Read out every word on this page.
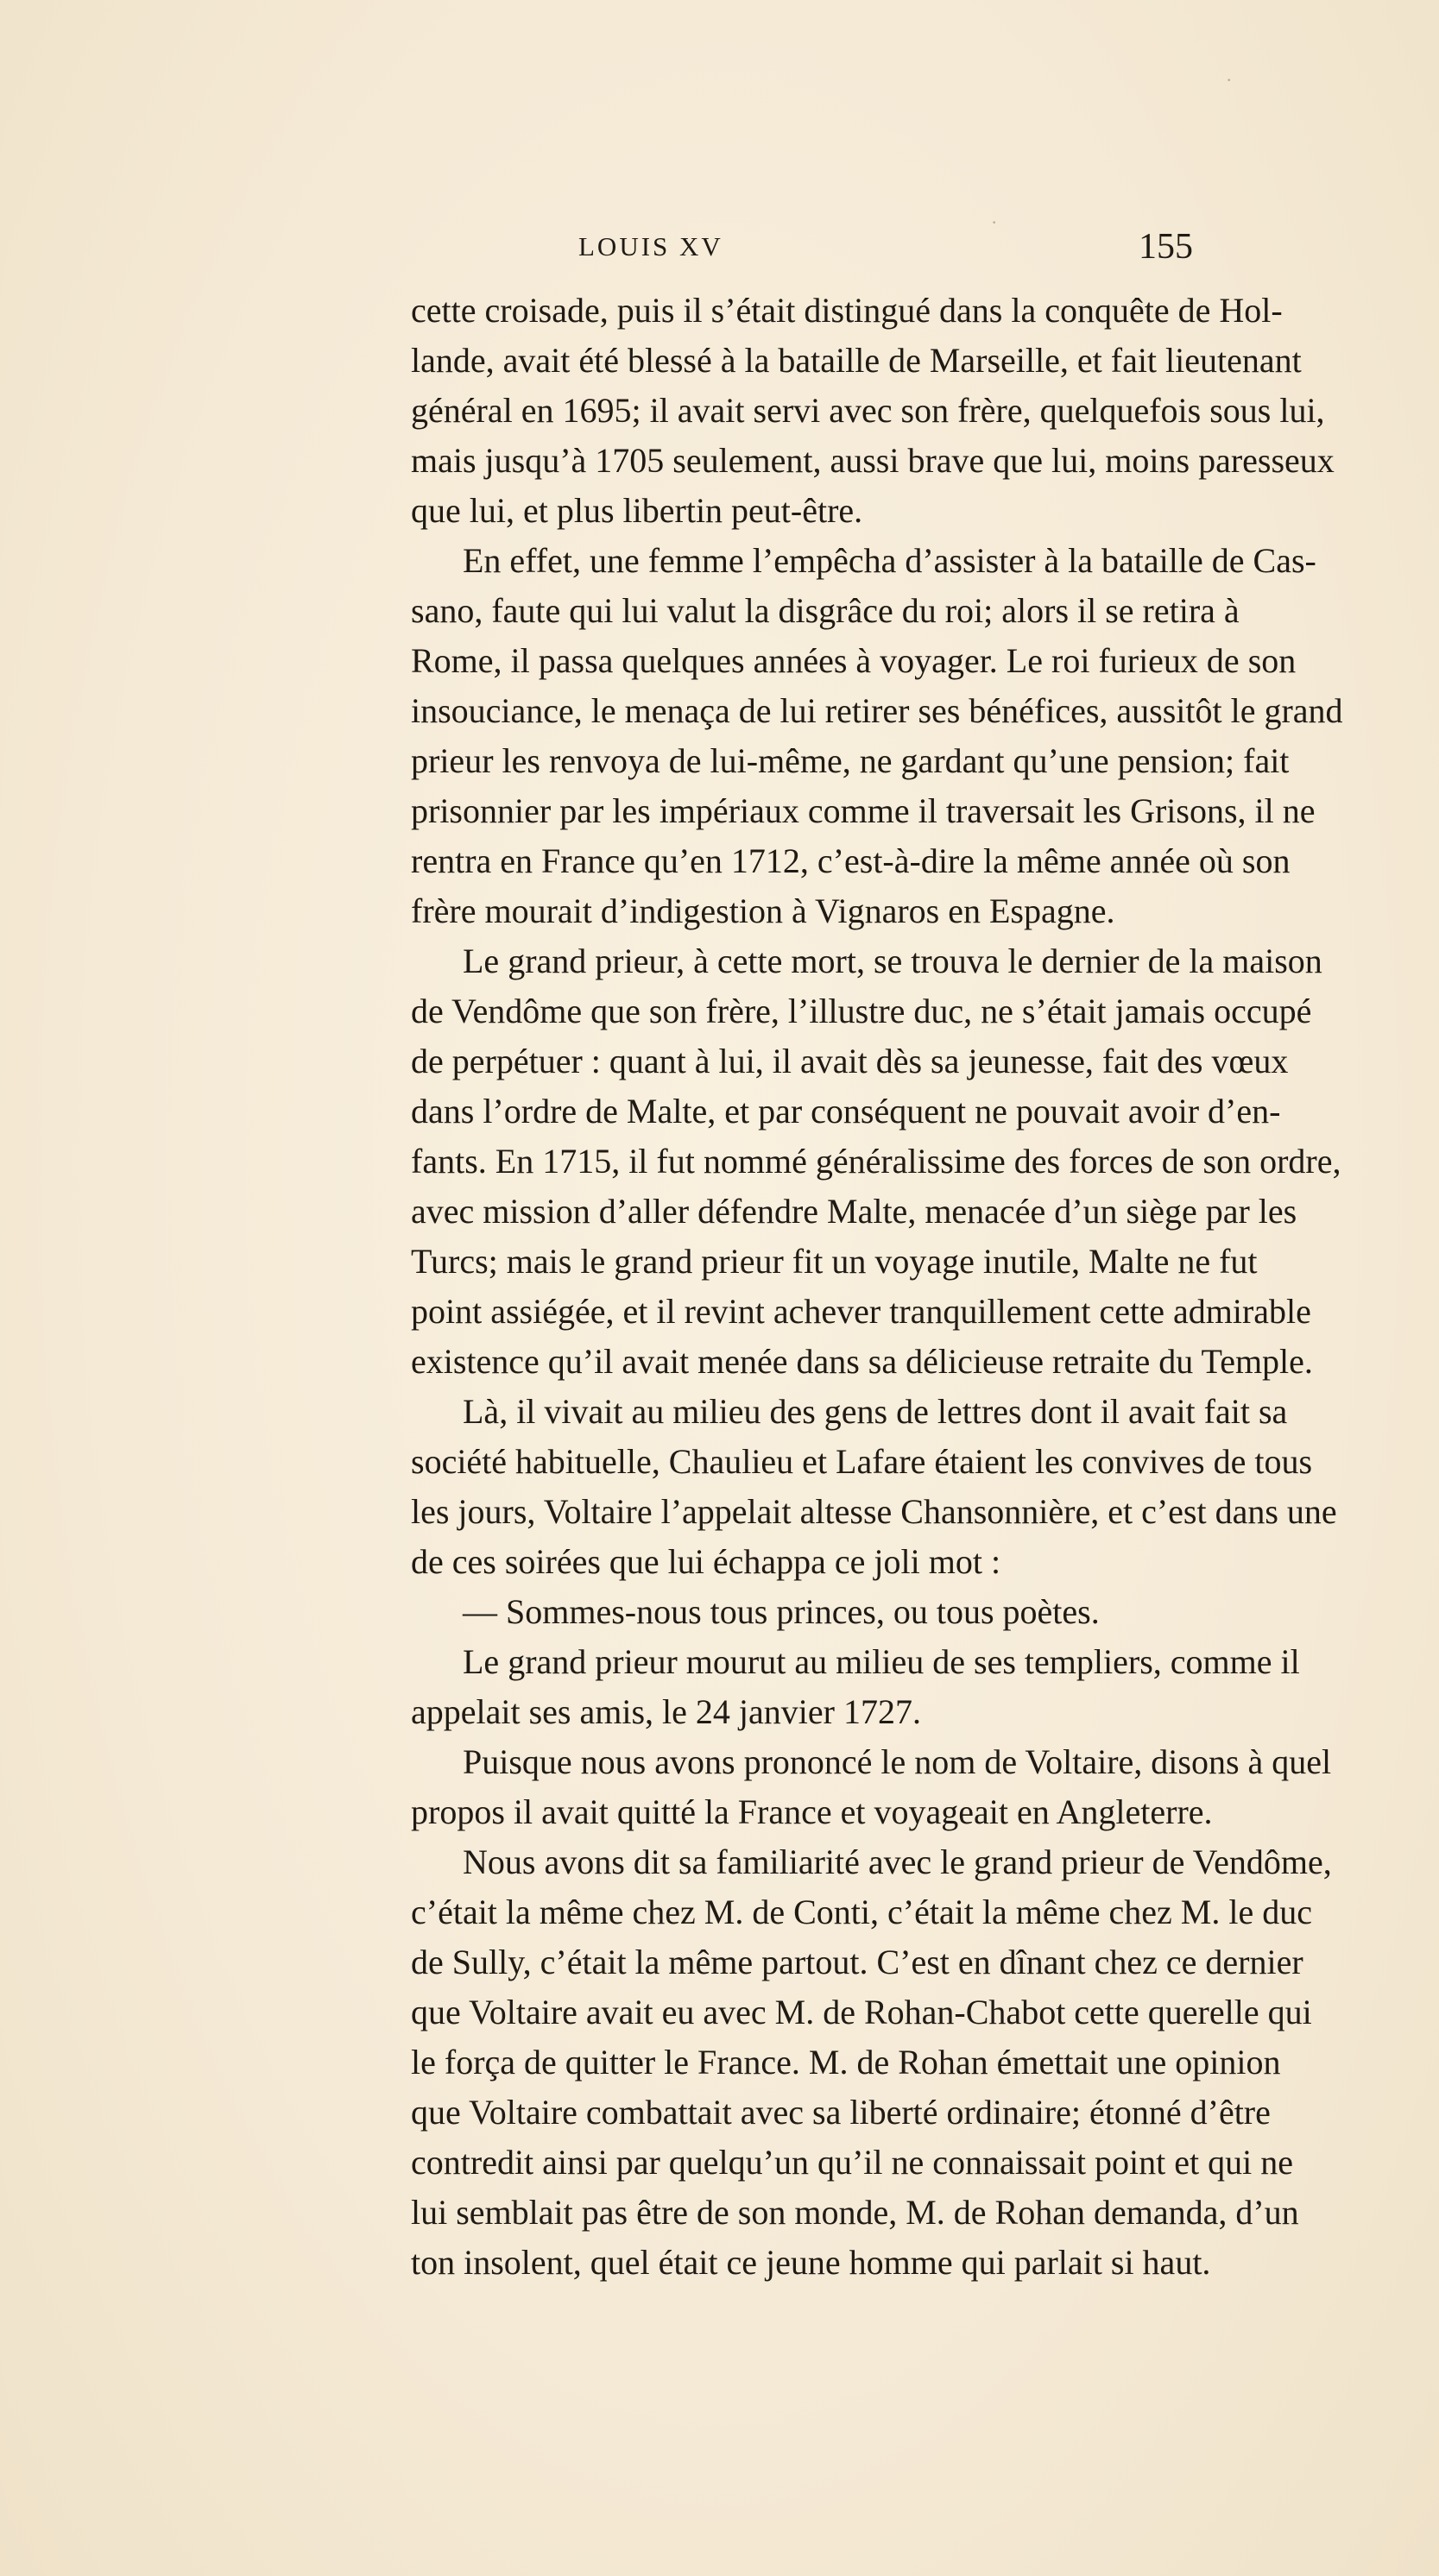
·
·
LOUIS XV	155
cette croisade, puis il s’était distingué dans la conquête de Hol-
lande, avait été blessé à la bataille de Marseille, et fait lieutenant
général en 1695; il avait servi avec son frère, quelquefois sous lui,
mais jusqu’à 1705 seulement, aussi brave que lui, moins paresseux
que lui, et plus libertin peut-être.
En effet, une femme l’empêcha d’assister à la bataille de Cas-
sano, faute qui lui valut la disgrâce du roi; alors il se retira à
Rome, il passa quelques années à voyager. Le roi furieux de son
insouciance, le menaça de lui retirer ses bénéfices, aussitôt le grand
prieur les renvoya de lui-même, ne gardant qu’une pension; fait
prisonnier par les impériaux comme il traversait les Grisons, il ne
rentra en France qu’en 1712, c’est-à-dire la même année où son
frère mourait d’indigestion à Vignaros en Espagne.
Le grand prieur, à cette mort, se trouva le dernier de la maison
de Vendôme que son frère, l’illustre duc, ne s’était jamais occupé
de perpétuer : quant à lui, il avait dès sa jeunesse, fait des vœux
dans l’ordre de Malte, et par conséquent ne pouvait avoir d’en-
fants. En 1715, il fut nommé généralissime des forces de son ordre,
avec mission d’aller défendre Malte, menacée d’un siège par les
Turcs; mais le grand prieur fit un voyage inutile, Malte ne fut
point assiégée, et il revint achever tranquillement cette admirable
existence qu’il avait menée dans sa délicieuse retraite du Temple.
Là, il vivait au milieu des gens de lettres dont il avait fait sa
société habituelle, Chaulieu et Lafare étaient les convives de tous
les jours, Voltaire l’appelait altesse Chansonnière, et c’est dans une
de ces soirées que lui échappa ce joli mot :
— Sommes-nous tous princes, ou tous poètes.
Le grand prieur mourut au milieu de ses templiers, comme il
appelait ses amis, le 24 janvier 1727.
Puisque nous avons prononcé le nom de Voltaire, disons à quel
propos il avait quitté la France et voyageait en Angleterre.
Nous avons dit sa familiarité avec le grand prieur de Vendôme,
c’était la même chez M. de Conti, c’était la même chez M. le duc
de Sully, c’était la même partout. C’est en dînant chez ce dernier
que Voltaire avait eu avec M. de Rohan-Chabot cette querelle qui
le força de quitter le France. M. de Rohan émettait une opinion
que Voltaire combattait avec sa liberté ordinaire; étonné d’être
contredit ainsi par quelqu’un qu’il ne connaissait point et qui ne
lui semblait pas être de son monde, M. de Rohan demanda, d’un
ton insolent, quel était ce jeune homme qui parlait si haut.
